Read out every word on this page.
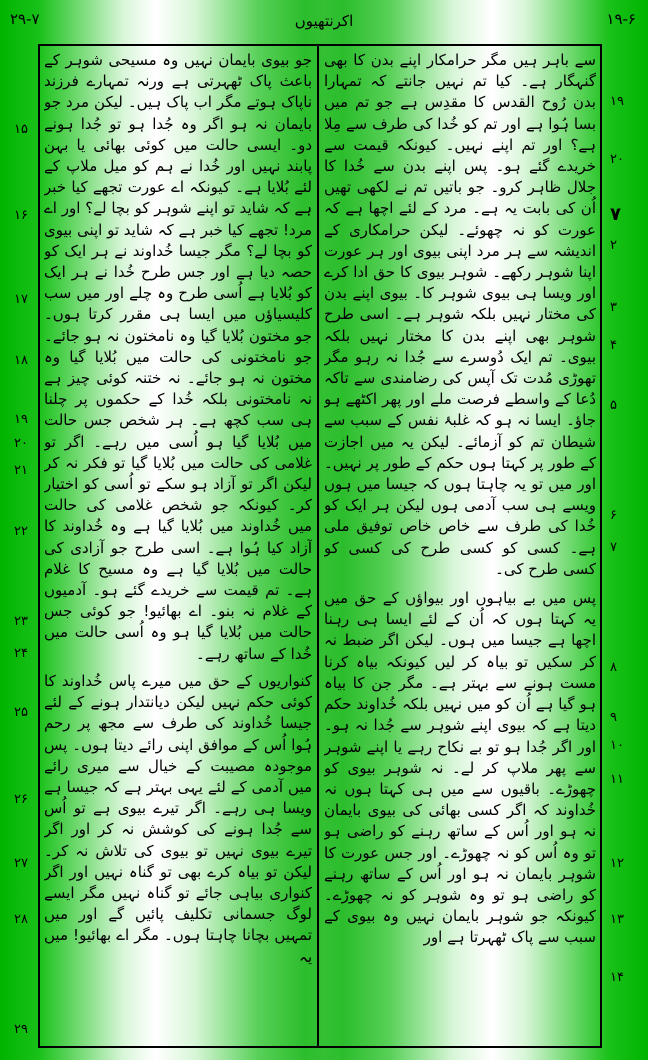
۲۹-۷	اکرنتھیوں	۱۹-۶

سے باہر ہیں مگر حرامکار اپنے بدن کا بھی گنہگار ہے۔ کیا تم نہیں جانتے کہ تمہارا بدن رُوح القدس کا مقدِس ہے جو تم میں بسا ہُوا ہے اور تم کو خُدا کی طرف سے مِلا ہے؟ اور تم اپنے نہیں۔ کیونکہ قیمت سے خریدے گئے ہو۔ پس اپنے بدن سے خُدا کا جلال ظاہر کرو۔ جو باتیں تم نے لکھی تھیں اُن کی بابت یہ ہے۔ مرد کے لئے اچھا ہے کہ عورت کو نہ چھوئے۔ لیکن حرامکاری کے اندیشہ سے ہر مرد اپنی بیوی اور ہر عورت اپنا شوہر رکھے۔ شوہر بیوی کا حق ادا کرے اور ویسا ہی بیوی شوہر کا۔ بیوی اپنے بدن کی مختار نہیں بلکہ شوہر ہے۔ اسی طرح شوہر بھی اپنے بدن کا مختار نہیں بلکہ بیوی۔ تم ایک دُوسرے سے جُدا نہ رہو مگر تھوڑی مُدت تک آپس کی رضامندی سے تاکہ دُعا کے واسطے فرصت ملے اور پھر اکٹھے ہو جاؤ۔ ایسا نہ ہو کہ غلبۂ نفس کے سبب سے شیطان تم کو آزمائے۔ لیکن یہ میں اجازت کے طور پر کہتا ہوں حکم کے طور پر نہیں۔ اور میں تو یہ چاہتا ہوں کہ جیسا میں ہوں ویسے ہی سب آدمی ہوں لیکن ہر ایک کو خُدا کی طرف سے خاص خاص توفیق ملی ہے۔ کسی کو کسی طرح کی کسی کو کسی طرح کی۔

پس میں بے بیاہوں اور بیواؤں کے حق میں یہ کہتا ہوں کہ اُن کے لئے ایسا ہی رہنا اچھا ہے جیسا میں ہوں۔ لیکن اگر ضبط نہ کر سکیں تو بیاہ کر لیں کیونکہ بیاہ کرنا مست ہونے سے بہتر ہے۔ مگر جن کا بیاہ ہو گیا ہے اُن کو میں نہیں بلکہ خُداوند حکم دیتا ہے کہ بیوی اپنے شوہر سے جُدا نہ ہو۔ اور اگر جُدا ہو تو بے نکاح رہے یا اپنے شوہر سے پھر ملاپ کر لے۔ نہ شوہر بیوی کو چھوڑے۔ باقیوں سے میں ہی کہتا ہوں نہ خُداوند کہ اگر کسی بھائی کی بیوی بایمان نہ ہو اور اُس کے ساتھ رہنے کو راضی ہو تو وہ اُس کو نہ چھوڑے۔ اور جس عورت کا شوہر بایمان نہ ہو اور اُس کے ساتھ رہنے کو راضی ہو تو وہ شوہر کو نہ چھوڑے۔ کیونکہ جو شوہر بایمان نہیں وہ بیوی کے سبب سے پاک ٹھہرتا ہے اور

جو بیوی بایمان نہیں وہ مسیحی شوہر کے باعث پاک ٹھہرتی ہے ورنہ تمہارے فرزند ناپاک ہوتے مگر اب پاک ہیں۔ لیکن مرد جو بایمان نہ ہو اگر وہ جُدا ہو تو جُدا ہونے دو۔ ایسی حالت میں کوئی بھائی یا بہن پابند نہیں اور خُدا نے ہم کو میل ملاپ کے لئے بُلایا ہے۔ کیونکہ اے عورت تجھے کیا خبر ہے کہ شاید تو اپنے شوہر کو بچا لے؟ اور اے مرد! تجھے کیا خبر ہے کہ شاید تو اپنی بیوی کو بچا لے؟ مگر جیسا خُداوند نے ہر ایک کو حصہ دیا ہے اور جس طرح خُدا نے ہر ایک کو بُلایا ہے اُسی طرح وہ چلے اور میں سب کلیسیاؤں میں ایسا ہی مقرر کرتا ہوں۔ جو مختون بُلایا گیا وہ نامختون نہ ہو جائے۔ جو نامختونی کی حالت میں بُلایا گیا وہ مختون نہ ہو جائے۔ نہ ختنہ کوئی چیز ہے نہ نامختونی بلکہ خُدا کے حکموں پر چلنا ہی سب کچھ ہے۔ ہر شخص جس حالت میں بُلایا گیا ہو اُسی میں رہے۔ اگر تو غلامی کی حالت میں بُلایا گیا تو فکر نہ کر لیکن اگر تو آزاد ہو سکے تو اُسی کو اختیار کر۔ کیونکہ جو شخص غلامی کی حالت میں خُداوند میں بُلایا گیا ہے وہ خُداوند کا آزاد کیا ہُوا ہے۔ اسی طرح جو آزادی کی حالت میں بُلایا گیا ہے وہ مسیح کا غلام ہے۔ تم قیمت سے خریدے گئے ہو۔ آدمیوں کے غلام نہ بنو۔ اے بھائیو! جو کوئی جس حالت میں بُلایا گیا ہو وہ اُسی حالت میں خُدا کے ساتھ رہے۔

کنواریوں کے حق میں میرے پاس خُداوند کا کوئی حکم نہیں لیکن دیانتدار ہونے کے لئے جیسا خُداوند کی طرف سے مجھ پر رحم ہُوا اُس کے موافق اپنی رائے دیتا ہوں۔ پس موجودہ مصیبت کے خیال سے میری رائے میں آدمی کے لئے یہی بہتر ہے کہ جیسا ہے ویسا ہی رہے۔ اگر تیرے بیوی ہے تو اُس سے جُدا ہونے کی کوشش نہ کر اور اگر تیرے بیوی نہیں تو بیوی کی تلاش نہ کر۔ لیکن تو بیاہ کرے بھی تو گناہ نہیں اور اگر کنواری بیاہی جائے تو گناہ نہیں مگر ایسے لوگ جسمانی تکلیف پائیں گے اور میں تمہیں بچانا چاہتا ہوں۔ مگر اے بھائیو! میں یہ

۱۵
۱۶
۱۷
۱۸
۱۹
۲۰
۲۱
۲۲
۲۳
۲۴
۲۵
۲۶
۲۷
۲۸
۲۹
۱۹
۲۰
۷
۲
۳
۴
۵
۶
۷
۸
۹
۱۰
۱۱
۱۲
۱۳
۱۴
